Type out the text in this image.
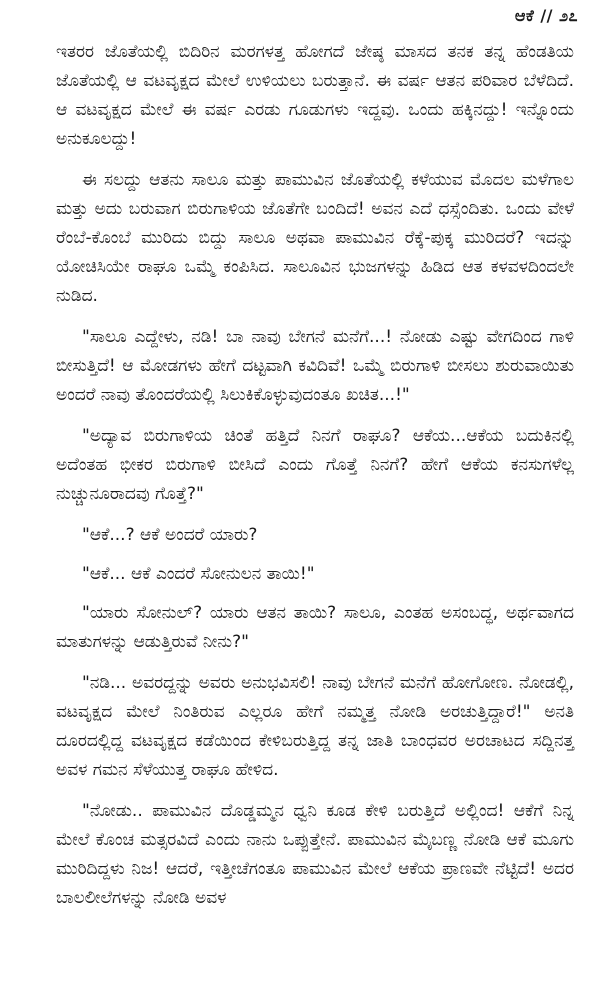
ಆಕೆ // ೨೭

ಇತರರ ಜೊತೆಯಲ್ಲಿ ಬಿದಿರಿನ ಮರಗಳತ್ತ ಹೋಗದೆ ಜೇಷ್ಠ ಮಾಸದ ತನಕ ತನ್ನ ಹೆಂಡತಿಯ ಜೊತೆಯಲ್ಲಿ ಆ ವಟವೃಕ್ಷದ ಮೇಲೆ ಉಳಿಯಲು ಬರುತ್ತಾನೆ. ಈ ವರ್ಷ ಆತನ ಪರಿವಾರ ಬೆಳೆದಿದೆ. ಆ ವಟವೃಕ್ಷದ ಮೇಲೆ ಈ ವರ್ಷ ಎರಡು ಗೂಡುಗಳು ಇದ್ದವು. ಒಂದು ಹಕ್ಕಿನದ್ದು! ಇನ್ನೊಂದು ಅನುಕೂಲದ್ದು!

ಈ ಸಲದ್ದು ಆತನು ಸಾಲೂ ಮತ್ತು ಪಾಮುವಿನ ಜೊತೆಯಲ್ಲಿ ಕಳೆಯುವ ಮೊದಲ ಮಳೆಗಾಲ ಮತ್ತು ಅದು ಬರುವಾಗ ಬಿರುಗಾಳಿಯ ಜೊತೆಗೇ ಬಂದಿದೆ! ಅವನ ಎದೆ ಧಸ್ಸೆಂದಿತು. ಒಂದು ವೇಳೆ ರೆಂಬೆ-ಕೊಂಬೆ ಮುರಿದು ಬಿದ್ದು ಸಾಲೂ ಅಥವಾ ಪಾಮುವಿನ ರೆಕ್ಕೆ-ಪುಕ್ಕ ಮುರಿದರೆ? ಇದನ್ನು ಯೋಚಿಸಿಯೇ ರಾಘೂ ಒಮ್ಮೆ ಕಂಪಿಸಿದ. ಸಾಲೂವಿನ ಭುಜಗಳನ್ನು ಹಿಡಿದ ಆತ ಕಳವಳದಿಂದಲೇ ನುಡಿದ.

"ಸಾಲೂ ಎದ್ದೇಳು, ನಡಿ! ಬಾ ನಾವು ಬೇಗನೆ ಮನೆಗೆ...! ನೋಡು ಎಷ್ಟು ವೇಗದಿಂದ ಗಾಳಿ ಬೀಸುತ್ತಿದೆ! ಆ ಮೋಡಗಳು ಹೇಗೆ ದಟ್ಟವಾಗಿ ಕವಿದಿವೆ! ಒಮ್ಮೆ ಬಿರುಗಾಳಿ ಬೀಸಲು ಶುರುವಾಯಿತು ಅಂದರೆ ನಾವು ತೊಂದರೆಯಲ್ಲಿ ಸಿಲುಕಿಕೊಳ್ಳುವುದಂತೂ ಖಚಿತ...!"

"ಅದ್ಯಾವ ಬಿರುಗಾಳಿಯ ಚಿಂತೆ ಹತ್ತಿದೆ ನಿನಗೆ ರಾಘೂ? ಆಕೆಯ...ಆಕೆಯ ಬದುಕಿನಲ್ಲಿ ಅದೆಂತಹ ಭೀಕರ ಬಿರುಗಾಳಿ ಬೀಸಿದೆ ಎಂದು ಗೊತ್ತೆ ನಿನಗೆ? ಹೇಗೆ ಆಕೆಯ ಕನಸುಗಳೆಲ್ಲ ನುಚ್ಚುನೂರಾದವು ಗೊತ್ತೆ?"

"ಆಕೆ...? ಆಕೆ ಅಂದರೆ ಯಾರು?

"ಆಕೆ... ಆಕೆ ಎಂದರೆ ಸೋನುಲನ ತಾಯಿ!"

"ಯಾರು ಸೋನುಲ್? ಯಾರು ಆತನ ತಾಯಿ? ಸಾಲೂ, ಎಂತಹ ಅಸಂಬದ್ಧ, ಅರ್ಥವಾಗದ ಮಾತುಗಳನ್ನು ಆಡುತ್ತಿರುವೆ ನೀನು?"

"ನಡಿ... ಅವರದ್ದನ್ನು ಅವರು ಅನುಭವಿಸಲಿ! ನಾವು ಬೇಗನೆ ಮನೆಗೆ ಹೋಗೋಣ. ನೋಡಲ್ಲಿ, ವಟವೃಕ್ಷದ ಮೇಲೆ ನಿಂತಿರುವ ಎಲ್ಲರೂ ಹೇಗೆ ನಮ್ಮತ್ತ ನೋಡಿ ಅರಚುತ್ತಿದ್ದಾರೆ!" ಅನತಿ ದೂರದಲ್ಲಿದ್ದ ವಟವೃಕ್ಷದ ಕಡೆಯಿಂದ ಕೇಳಿಬರುತ್ತಿದ್ದ ತನ್ನ ಜಾತಿ ಬಾಂಧವರ ಅರಚಾಟದ ಸದ್ದಿನತ್ತ ಅವಳ ಗಮನ ಸೆಳೆಯುತ್ತ ರಾಘೂ ಹೇಳಿದ.

"ನೋಡು.. ಪಾಮುವಿನ ದೊಡ್ಡಮ್ಮನ ಧ್ವನಿ ಕೂಡ ಕೇಳಿ ಬರುತ್ತಿದೆ ಅಲ್ಲಿಂದ! ಆಕೆಗೆ ನಿನ್ನ ಮೇಲೆ ಕೊಂಚ ಮತ್ಸರವಿದೆ ಎಂದು ನಾನು ಒಪ್ಪುತ್ತೇನೆ. ಪಾಮುವಿನ ಮೈಬಣ್ಣ ನೋಡಿ ಆಕೆ ಮೂಗು ಮುರಿದಿದ್ದಳು ನಿಜ! ಆದರೆ, ಇತ್ತೀಚೆಗಂತೂ ಪಾಮುವಿನ ಮೇಲೆ ಆಕೆಯ ಪ್ರಾಣವೇ ನೆಟ್ಟಿದೆ! ಅದರ ಬಾಲಲೀಲೆಗಳನ್ನು ನೋಡಿ ಅವಳ
